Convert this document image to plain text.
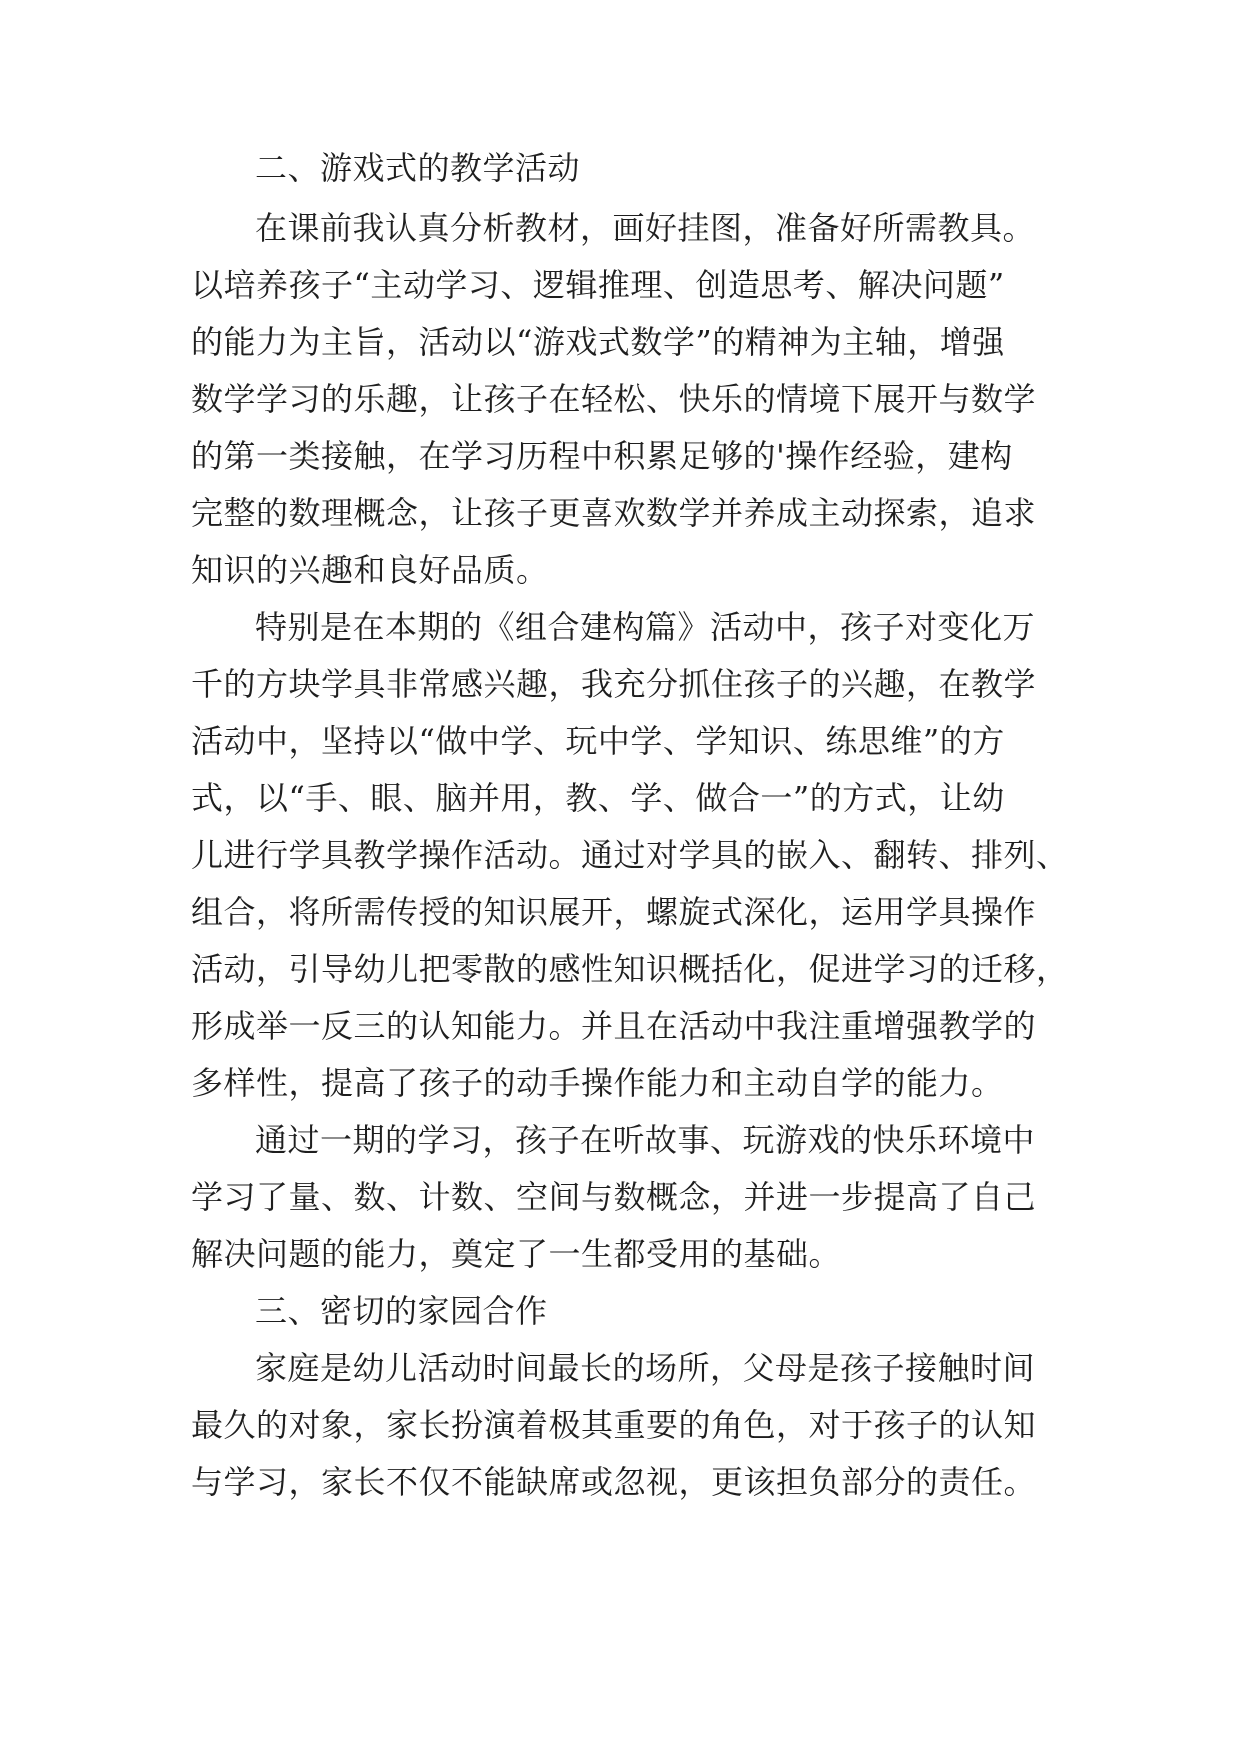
二、游戏式的教学活动
在课前我认真分析教材，画好挂图，准备好所需教具。
以培养孩子“主动学习、逻辑推理、创造思考、解决问题”
的能力为主旨，活动以“游戏式数学”的精神为主轴，增强
数学学习的乐趣，让孩子在轻松、快乐的情境下展开与数学
的第一类接触，在学习历程中积累足够的'操作经验，建构
完整的数理概念，让孩子更喜欢数学并养成主动探索，追求
知识的兴趣和良好品质。
特别是在本期的《组合建构篇》活动中，孩子对变化万
千的方块学具非常感兴趣，我充分抓住孩子的兴趣，在教学
活动中，坚持以“做中学、玩中学、学知识、练思维”的方
式，以“手、眼、脑并用，教、学、做合一”的方式，让幼
儿进行学具教学操作活动。通过对学具的嵌入、翻转、排列、
组合，将所需传授的知识展开，螺旋式深化，运用学具操作
活动，引导幼儿把零散的感性知识概括化，促进学习的迁移，
形成举一反三的认知能力。并且在活动中我注重增强教学的
多样性，提高了孩子的动手操作能力和主动自学的能力。
通过一期的学习，孩子在听故事、玩游戏的快乐环境中
学习了量、数、计数、空间与数概念，并进一步提高了自己
解决问题的能力，奠定了一生都受用的基础。
三、密切的家园合作
家庭是幼儿活动时间最长的场所，父母是孩子接触时间
最久的对象，家长扮演着极其重要的角色，对于孩子的认知
与学习，家长不仅不能缺席或忽视，更该担负部分的责任。
